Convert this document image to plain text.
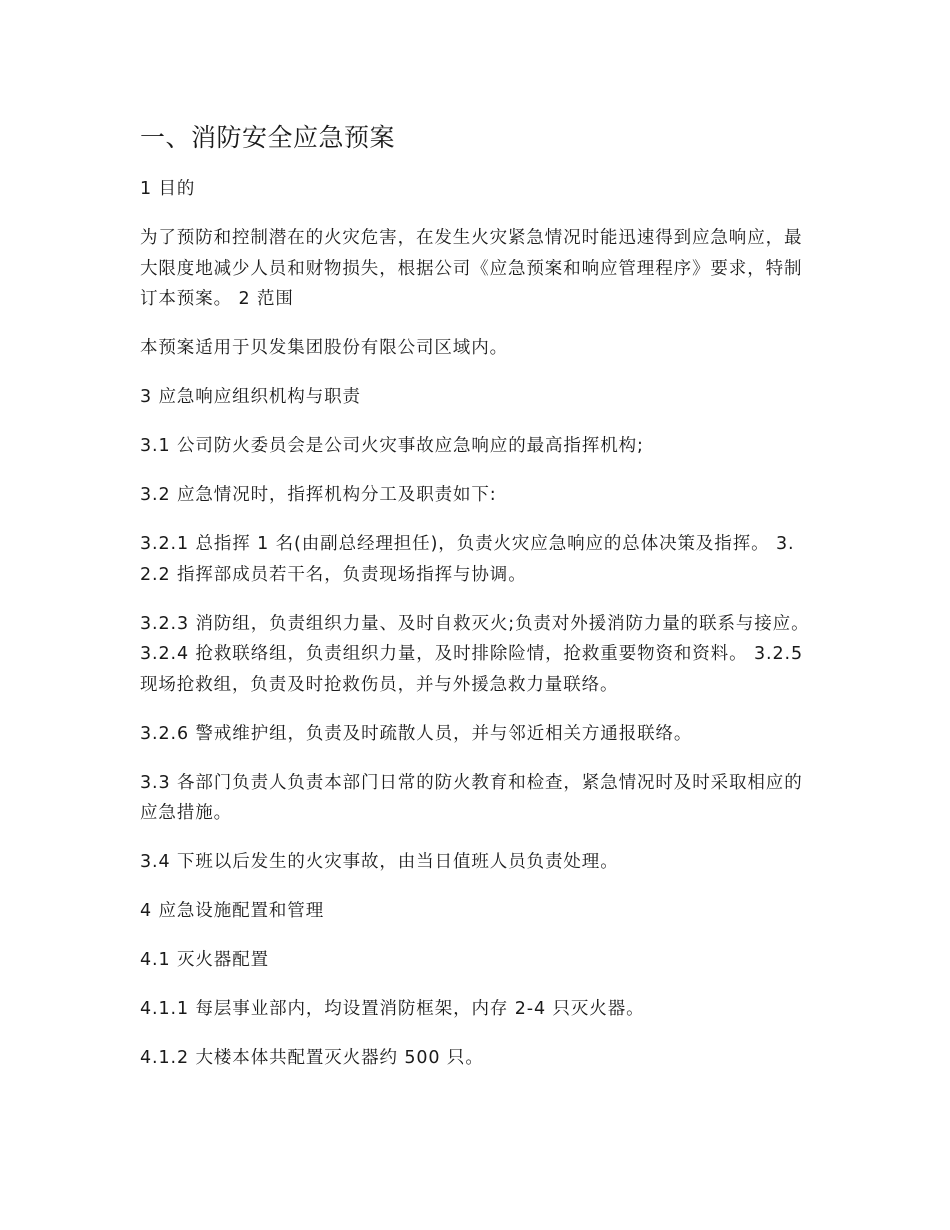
一、消防安全应急预案

1 目的

为了预防和控制潜在的火灾危害，在发生火灾紧急情况时能迅速得到应急响应，最大限度地减少人员和财物损失，根据公司《应急预案和响应管理程序》要求，特制订本预案。 2 范围

本预案适用于贝发集团股份有限公司区域内。

3 应急响应组织机构与职责

3.1 公司防火委员会是公司火灾事故应急响应的最高指挥机构;

3.2 应急情况时，指挥机构分工及职责如下:

3.2.1 总指挥 1 名(由副总经理担任)，负责火灾应急响应的总体决策及指挥。 3.2.2 指挥部成员若干名，负责现场指挥与协调。

3.2.3 消防组，负责组织力量、及时自救灭火;负责对外援消防力量的联系与接应。 3.2.4 抢救联络组，负责组织力量，及时排除险情，抢救重要物资和资料。 3.2.5 现场抢救组，负责及时抢救伤员，并与外援急救力量联络。

3.2.6 警戒维护组，负责及时疏散人员，并与邻近相关方通报联络。

3.3 各部门负责人负责本部门日常的防火教育和检查，紧急情况时及时采取相应的应急措施。

3.4 下班以后发生的火灾事故，由当日值班人员负责处理。

4 应急设施配置和管理

4.1 灭火器配置

4.1.1 每层事业部内，均设置消防框架，内存 2-4 只灭火器。

4.1.2 大楼本体共配置灭火器约 500 只。
